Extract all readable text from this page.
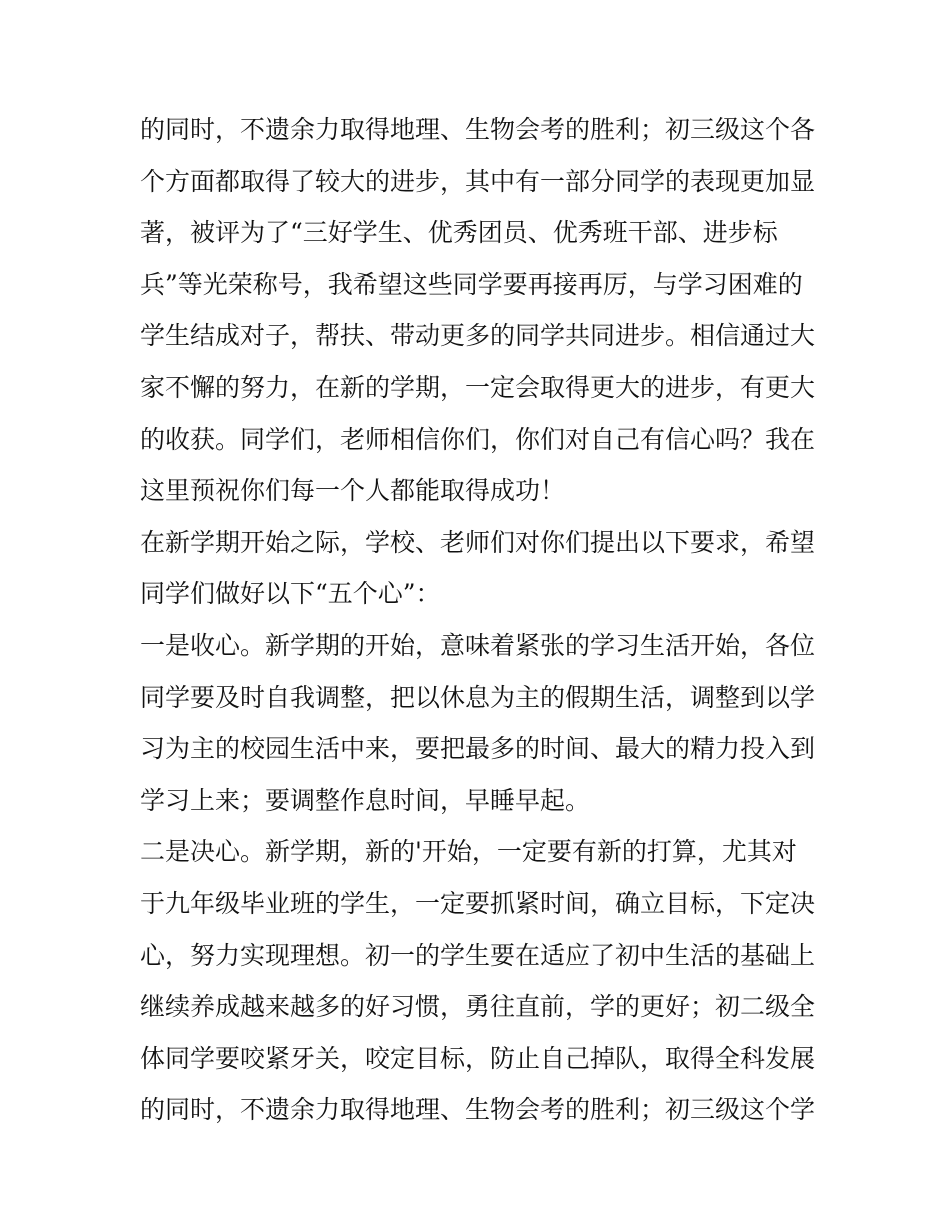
的同时，不遗余力取得地理、生物会考的胜利；初三级这个各
个方面都取得了较大的进步，其中有一部分同学的表现更加显
著，被评为了“三好学生、优秀团员、优秀班干部、进步标
兵”等光荣称号，我希望这些同学要再接再厉，与学习困难的
学生结成对子，帮扶、带动更多的同学共同进步。相信通过大
家不懈的努力，在新的学期，一定会取得更大的进步，有更大
的收获。同学们，老师相信你们，你们对自己有信心吗？我在
这里预祝你们每一个人都能取得成功！
在新学期开始之际，学校、老师们对你们提出以下要求，希望
同学们做好以下“五个心”：
一是收心。新学期的开始，意味着紧张的学习生活开始，各位
同学要及时自我调整，把以休息为主的假期生活，调整到以学
习为主的校园生活中来，要把最多的时间、最大的精力投入到
学习上来；要调整作息时间，早睡早起。
二是决心。新学期，新的'开始，一定要有新的打算，尤其对
于九年级毕业班的学生，一定要抓紧时间，确立目标，下定决
心，努力实现理想。初一的学生要在适应了初中生活的基础上
继续养成越来越多的好习惯，勇往直前，学的更好；初二级全
体同学要咬紧牙关，咬定目标，防止自己掉队，取得全科发展
的同时，不遗余力取得地理、生物会考的胜利；初三级这个学
